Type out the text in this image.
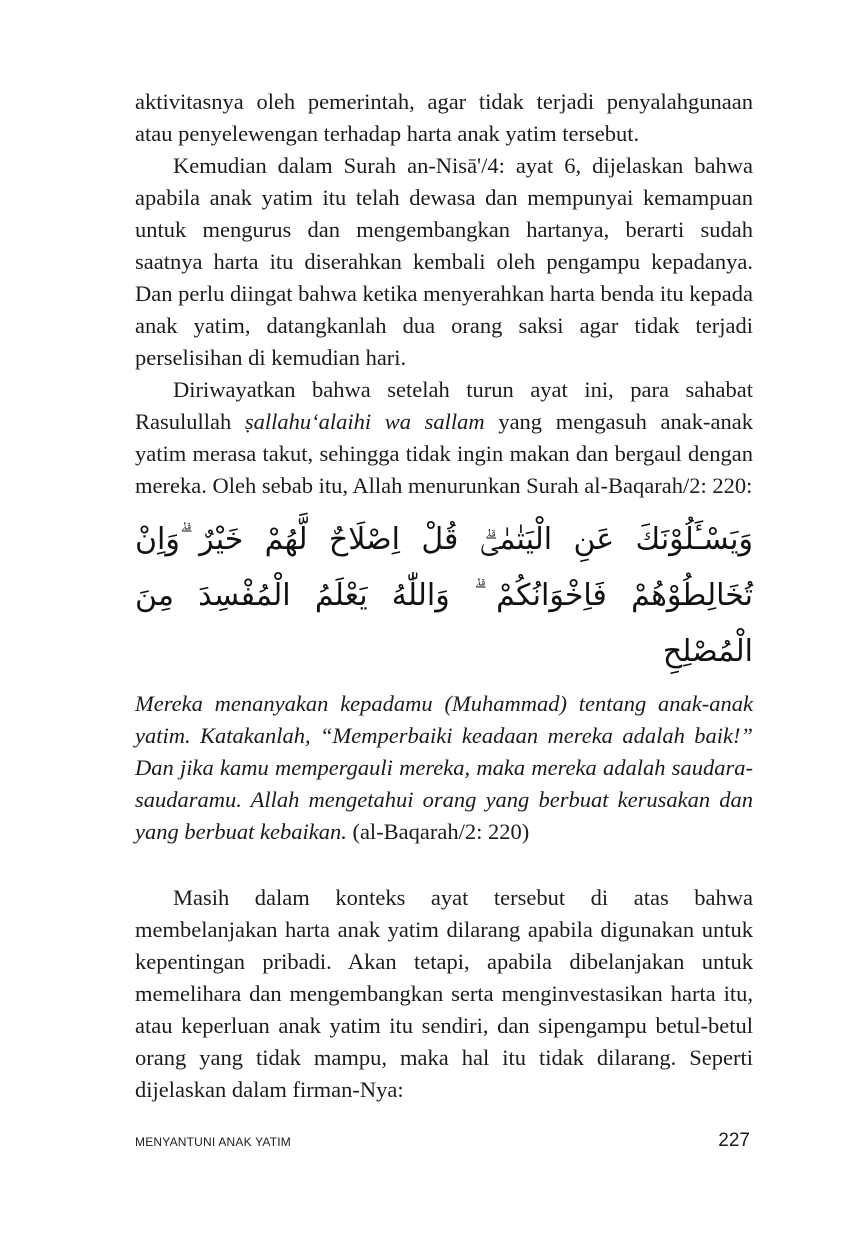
aktivitasnya oleh pemerintah, agar tidak terjadi penyalahgunaan atau penyelewengan terhadap harta anak yatim tersebut.

Kemudian dalam Surah an-Nisā'/4: ayat 6, dijelaskan bahwa apabila anak yatim itu telah dewasa dan mempunyai kemampuan untuk mengurus dan mengembangkan hartanya, berarti sudah saatnya harta itu diserahkan kembali oleh pengampu kepadanya. Dan perlu diingat bahwa ketika menyerahkan harta benda itu kepada anak yatim, datangkanlah dua orang saksi agar tidak terjadi perselisihan di kemudian hari.

Diriwayatkan bahwa setelah turun ayat ini, para sahabat Rasulullah ṣallahu‘alaihi wa sallam yang mengasuh anak-anak yatim merasa takut, sehingga tidak ingin makan dan bergaul dengan mereka. Oleh sebab itu, Allah menurunkan Surah al-Baqarah/2: 220:

وَيَسْـَٔلُوْنَكَ عَنِ الْيَتٰمٰىۗ قُلْ اِصْلَاحٌ لَّهُمْ خَيْرٌ ۗوَاِنْ تُخَالِطُوْهُمْ فَاِخْوَانُكُمْ ۗ وَاللّٰهُ يَعْلَمُ الْمُفْسِدَ مِنَ الْمُصْلِحِ

Mereka menanyakan kepadamu (Muhammad) tentang anak-anak yatim. Katakanlah, “Memperbaiki keadaan mereka adalah baik!” Dan jika kamu mempergauli mereka, maka mereka adalah saudara-saudaramu. Allah mengetahui orang yang berbuat kerusakan dan yang berbuat kebaikan. (al-Baqarah/2: 220)

Masih dalam konteks ayat tersebut di atas bahwa membelanjakan harta anak yatim dilarang apabila digunakan untuk kepentingan pribadi. Akan tetapi, apabila dibelanjakan untuk memelihara dan mengembangkan serta menginvestasikan harta itu, atau keperluan anak yatim itu sendiri, dan sipengampu betul-betul orang yang tidak mampu, maka hal itu tidak dilarang. Seperti dijelaskan dalam firman-Nya:

MENYANTUNI ANAK YATIM	227
